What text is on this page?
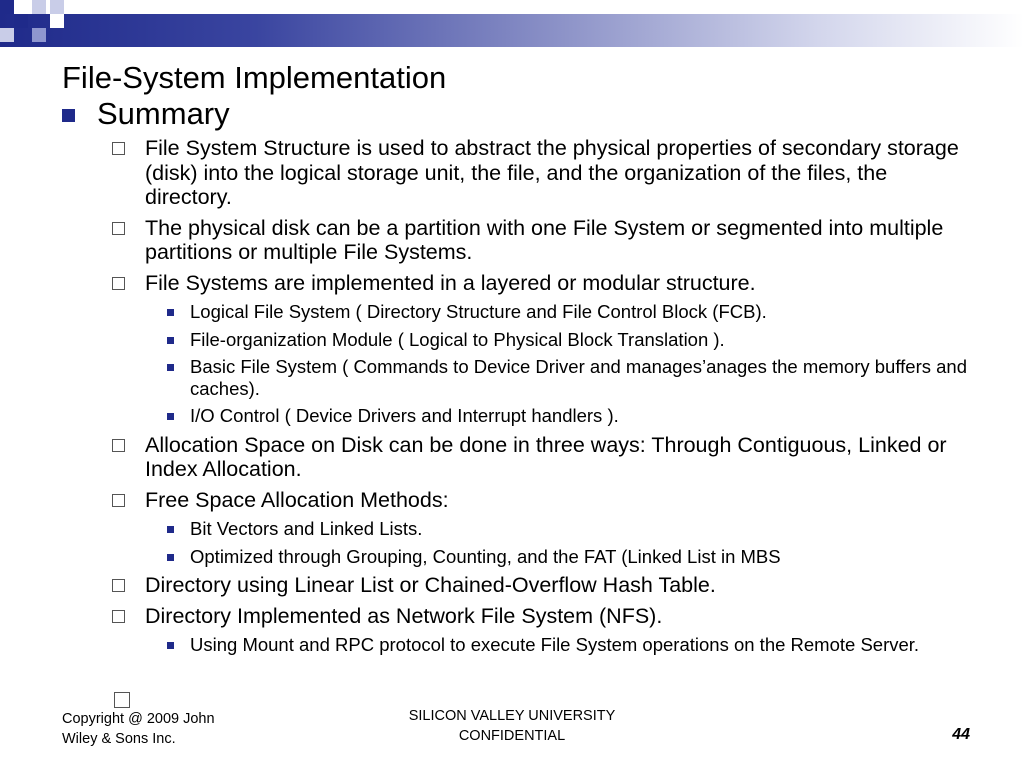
File-System Implementation
Summary
File System Structure is used to abstract the physical properties of secondary storage (disk) into the logical storage unit, the file, and the organization of the files, the directory.
The physical disk can be a partition with one File System or segmented into multiple partitions or multiple File Systems.
File Systems are implemented in a layered or modular structure.
Logical File System ( Directory Structure and File Control Block (FCB).
File-organization Module ( Logical to Physical Block Translation ).
Basic File System ( Commands to Device Driver and manages’anages the memory buffers and caches).
I/O Control ( Device Drivers and Interrupt handlers ).
Allocation Space on Disk can be done in three ways: Through Contiguous, Linked or Index Allocation.
Free Space Allocation Methods:
Bit Vectors and Linked Lists.
Optimized through Grouping, Counting, and the FAT (Linked List in MBS
Directory using Linear List or Chained-Overflow Hash Table.
Directory Implemented as Network File System (NFS).
Using Mount and RPC protocol to execute File System operations on the Remote Server.
Copyright @ 2009 John
Wiley & Sons Inc.
SILICON VALLEY UNIVERSITY
CONFIDENTIAL	44
